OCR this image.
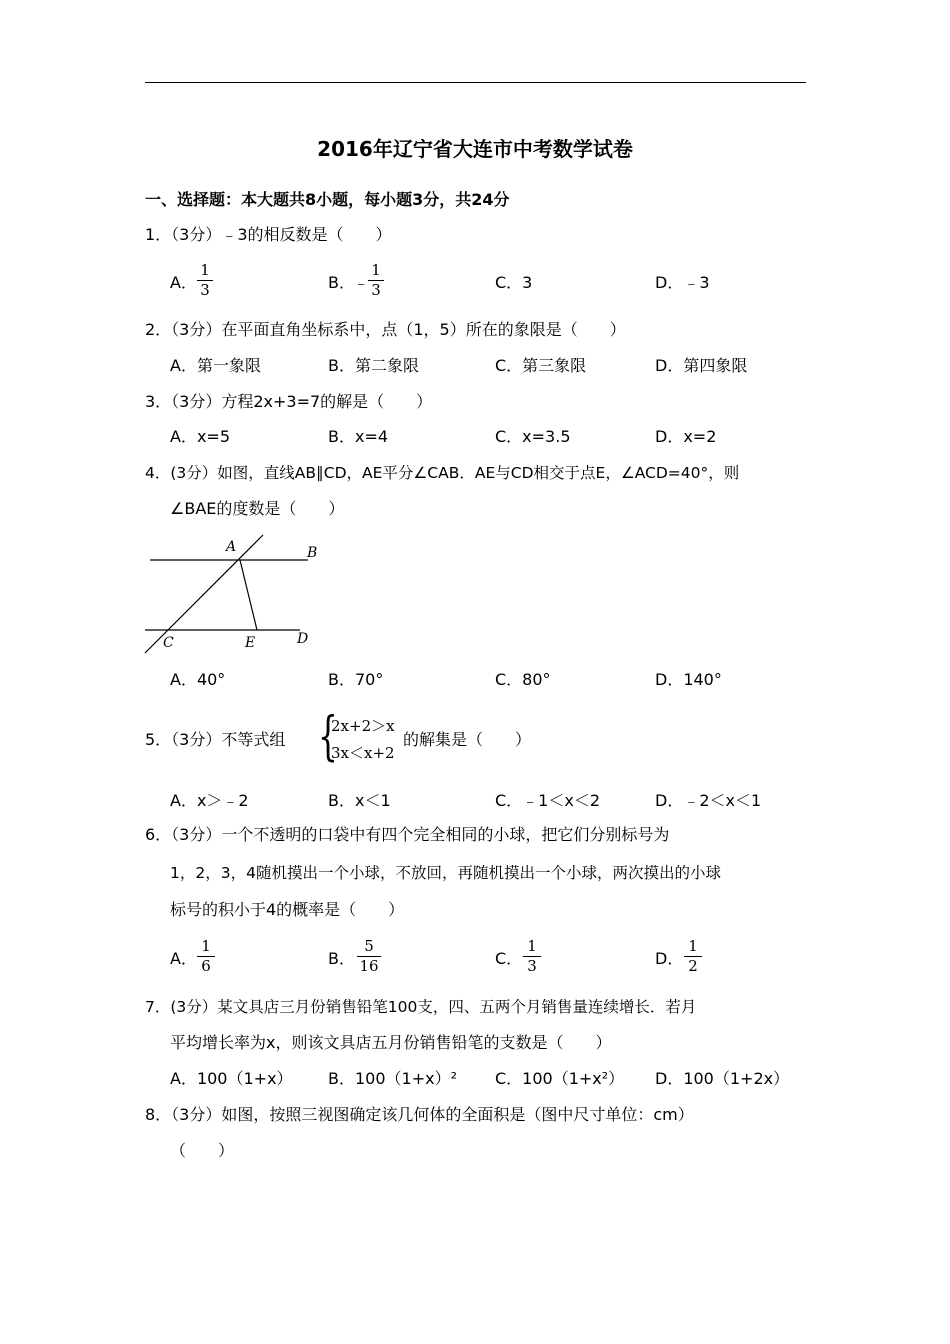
2016年辽宁省大连市中考数学试卷
一、选择题：本大题共8小题，每小题3分，共24分
1．（3分）﹣3的相反数是（　　）
A．
1
3	B．
﹣
1
3	C．3	D．﹣3
2．（3分）在平面直角坐标系中，点（1，5）所在的象限是（　　）
A．第一象限	B．第二象限	C．第三象限	D．第四象限
3．（3分）方程2x+3=7的解是（　　）
A．x=5	B．x=4	C．x=3.5	D．x=2
4．(3分）如图，直线AB∥CD，AE平分∠CAB．AE与CD相交于点E，∠ACD=40°，则
∠BAE的度数是（　　）
A	B
C	E	D
A．40°	B．70°	C．80°	D．140°
5．（3分）不等式组 {
2x+2＞x
3x＜x+2
的解集是（　　）
A．x＞﹣2	B．x＜1	C．﹣1＜x＜2	D．﹣2＜x＜1
6．（3分）一个不透明的口袋中有四个完全相同的小球，把它们分别标号为
1，2，3，4随机摸出一个小球，不放回，再随机摸出一个小球，两次摸出的小球
标号的积小于4的概率是（　　）
A．
1
6	B．
5
16	C．
1
3	D．
1
2
7．(3分）某文具店三月份销售铅笔100支，四、五两个月销售量连续增长．若月
平均增长率为x，则该文具店五月份销售铅笔的支数是（　　）
A．100（1+x） B．100（1+x）² C．100（1+x²） D．100（1+2x）
8．（3分）如图，按照三视图确定该几何体的全面积是（图中尺寸单位：cm）
（　　）
